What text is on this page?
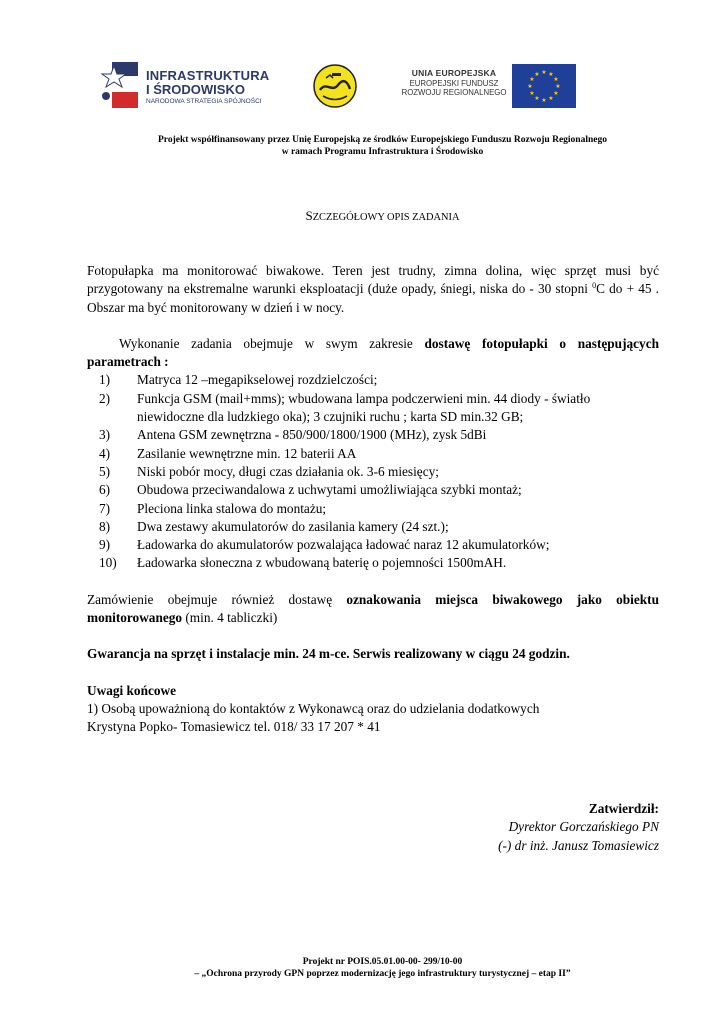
INFRASTRUKTURA
I ŚRODOWISKO
NARODOWA STRATEGIA SPÓJNOŚCI
UNIA EUROPEJSKA
EUROPEJSKI FUNDUSZ
ROZWOJU REGIONALNEGO
★ ★
★
★
★
★
★
★
★
★
★
★
Projekt współfinansowany przez Unię Europejską ze środków Europejskiego Funduszu Rozwoju Regionalnego
w ramach Programu Infrastruktura i Środowisko
SZCZEGÓŁOWY OPIS ZADANIA

Fotopułapka ma monitorować biwakowe. Teren jest trudny, zimna dolina, więc sprzęt musi być przygotowany na ekstremalne warunki eksploatacji (duże opady, śniegi, niska do - 30 stopni $^0$C do + 45 . Obszar ma być monitorowany w dzień i w nocy.

Wykonanie zadania obejmuje w swym zakresie dostawę fotopułapki o następujących parametrach :

1)	Matryca 12 –megapikselowej rozdzielczości;
2)	Funkcja GSM (mail+mms); wbudowana lampa podczerwieni min. 44 diody - światło niewidoczne dla ludzkiego oka); 3 czujniki ruchu ; karta SD min.32 GB;
3)	Antena GSM zewnętrzna - 850/900/1800/1900 (MHz), zysk 5dBi
4)	Zasilanie wewnętrzne min. 12 baterii AA
5)	Niski pobór mocy, długi czas działania ok. 3-6 miesięcy;
6)	Obudowa przeciwandalowa z uchwytami umożliwiająca szybki montaż;
7)	Pleciona linka stalowa do montażu;
8)	Dwa zestawy akumulatorów do zasilania kamery (24 szt.);
9)	Ładowarka do akumulatorów pozwalająca ładować naraz 12 akumulatorków;
10)	Ładowarka słoneczna z wbudowaną baterię o pojemności 1500mAH.

Zamówienie obejmuje również dostawę oznakowania miejsca biwakowego jako obiektu monitorowanego (min. 4 tabliczki)

Gwarancja na sprzęt i instalacje min. 24 m-ce. Serwis realizowany w ciągu 24 godzin.

Uwagi końcowe

1) Osobą upoważnioną do kontaktów z Wykonawcą oraz do udzielania dodatkowych

Krystyna Popko- Tomasiewicz tel. 018/ 33 17 207 * 41

Zatwierdził:
Dyrektor Gorczańskiego PN
(-) dr inż. Janusz Tomasiewicz
Projekt nr POIS.05.01.00-00- 299/10-00
– „Ochrona przyrody GPN poprzez modernizację jego infrastruktury turystycznej – etap II”
